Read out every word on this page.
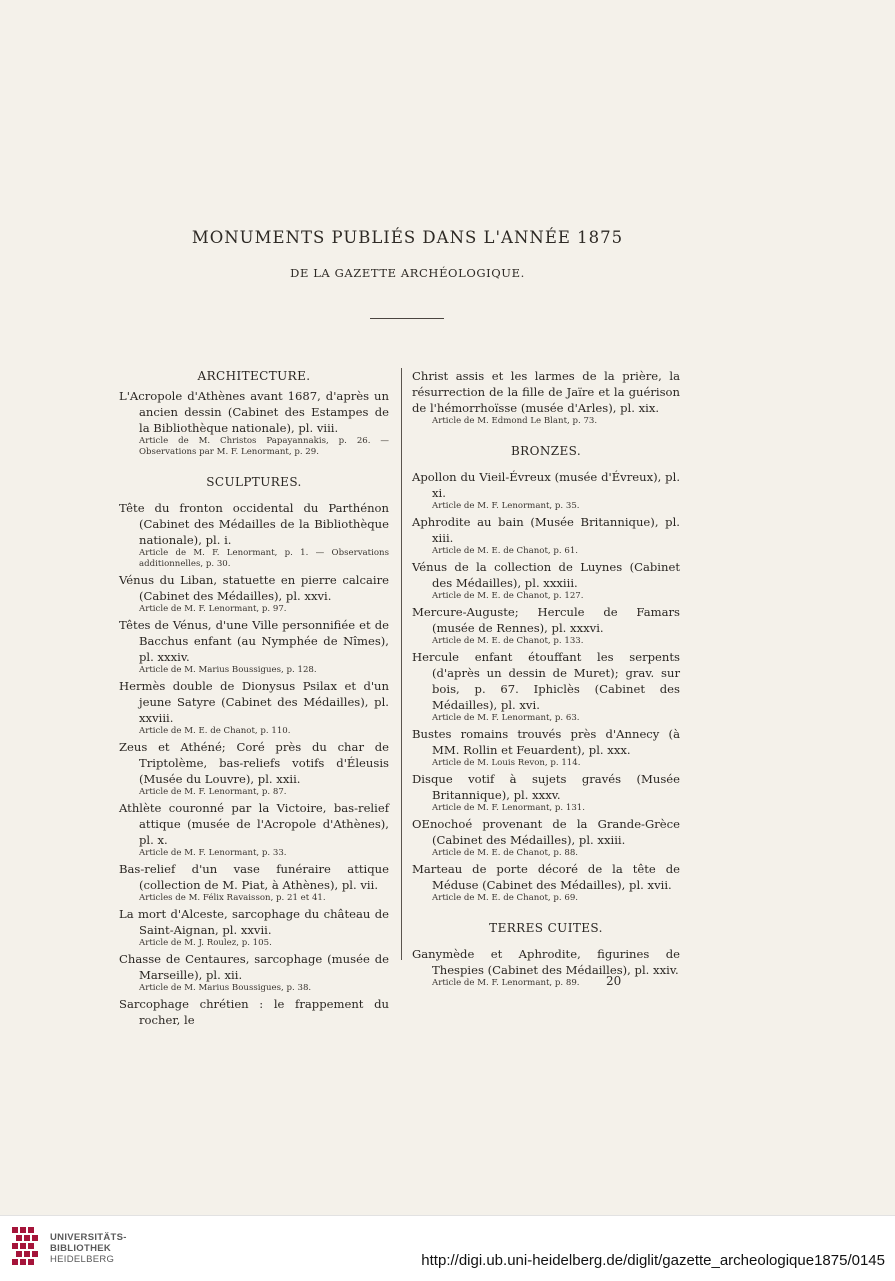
MONUMENTS PUBLIÉS DANS L'ANNÉE 1875
DE LA GAZETTE ARCHÉOLOGIQUE.
ARCHITECTURE.
L'Acropole d'Athènes avant 1687, d'après un ancien dessin (Cabinet des Estampes de la Bibliothèque nationale), pl. viii.
Article de M. Christos Papayannakis, p. 26. — Observations par M. F. Lenormant, p. 29.
SCULPTURES.
Tête du fronton occidental du Parthénon (Cabinet des Médailles de la Bibliothèque nationale), pl. i.
Article de M. F. Lenormant, p. 1. — Observations additionnelles, p. 30.
Vénus du Liban, statuette en pierre calcaire (Cabinet des Médailles), pl. xxvi.
Article de M. F. Lenormant, p. 97.
Têtes de Vénus, d'une Ville personnifiée et de Bacchus enfant (au Nymphée de Nîmes), pl. xxxiv.
Article de M. Marius Boussigues, p. 128.
Hermès double de Dionysus Psilax et d'un jeune Satyre (Cabinet des Médailles), pl. xxviii.
Article de M. E. de Chanot, p. 110.
Zeus et Athéné; Coré près du char de Triptolème, bas-reliefs votifs d'Éleusis (Musée du Louvre), pl. xxii.
Article de M. F. Lenormant, p. 87.
Athlète couronné par la Victoire, bas-relief attique (musée de l'Acropole d'Athènes), pl. x.
Article de M. F. Lenormant, p. 33.
Bas-relief d'un vase funéraire attique (collection de M. Piat, à Athènes), pl. vii.
Articles de M. Félix Ravaisson, p. 21 et 41.
La mort d'Alceste, sarcophage du château de Saint-Aignan, pl. xxvii.
Article de M. J. Roulez, p. 105.
Chasse de Centaures, sarcophage (musée de Marseille), pl. xii.
Article de M. Marius Boussigues, p. 38.
Sarcophage chrétien : le frappement du rocher, le
Christ assis et les larmes de la prière, la résurrection de la fille de Jaïre et la guérison de l'hémorrhoïsse (musée d'Arles), pl. xix.
Article de M. Edmond Le Blant, p. 73.
BRONZES.
Apollon du Vieil-Évreux (musée d'Évreux), pl. xi.
Article de M. F. Lenormant, p. 35.
Aphrodite au bain (Musée Britannique), pl. xiii.
Article de M. E. de Chanot, p. 61.
Vénus de la collection de Luynes (Cabinet des Médailles), pl. xxxiii.
Article de M. E. de Chanot, p. 127.
Mercure-Auguste; Hercule de Famars (musée de Rennes), pl. xxxvi.
Article de M. E. de Chanot, p. 133.
Hercule enfant étouffant les serpents (d'après un dessin de Muret); grav. sur bois, p. 67. Iphiclès (Cabinet des Médailles), pl. xvi.
Article de M. F. Lenormant, p. 63.
Bustes romains trouvés près d'Annecy (à MM. Rollin et Feuardent), pl. xxx.
Article de M. Louis Revon, p. 114.
Disque votif à sujets gravés (Musée Britannique), pl. xxxv.
Article de M. F. Lenormant, p. 131.
OEnochoé provenant de la Grande-Grèce (Cabinet des Médailles), pl. xxiii.
Article de M. E. de Chanot, p. 88.
Marteau de porte décoré de la tête de Méduse (Cabinet des Médailles), pl. xvii.
Article de M. E. de Chanot, p. 69.
TERRES CUITES.
Ganymède et Aphrodite, figurines de Thespies (Cabinet des Médailles), pl. xxiv.
Article de M. F. Lenormant, p. 89.	20
UNIVERSITÄTS-
BIBLIOTHEK
HEIDELBERG	http://digi.ub.uni-heidelberg.de/diglit/gazette_archeologique1875/0145
